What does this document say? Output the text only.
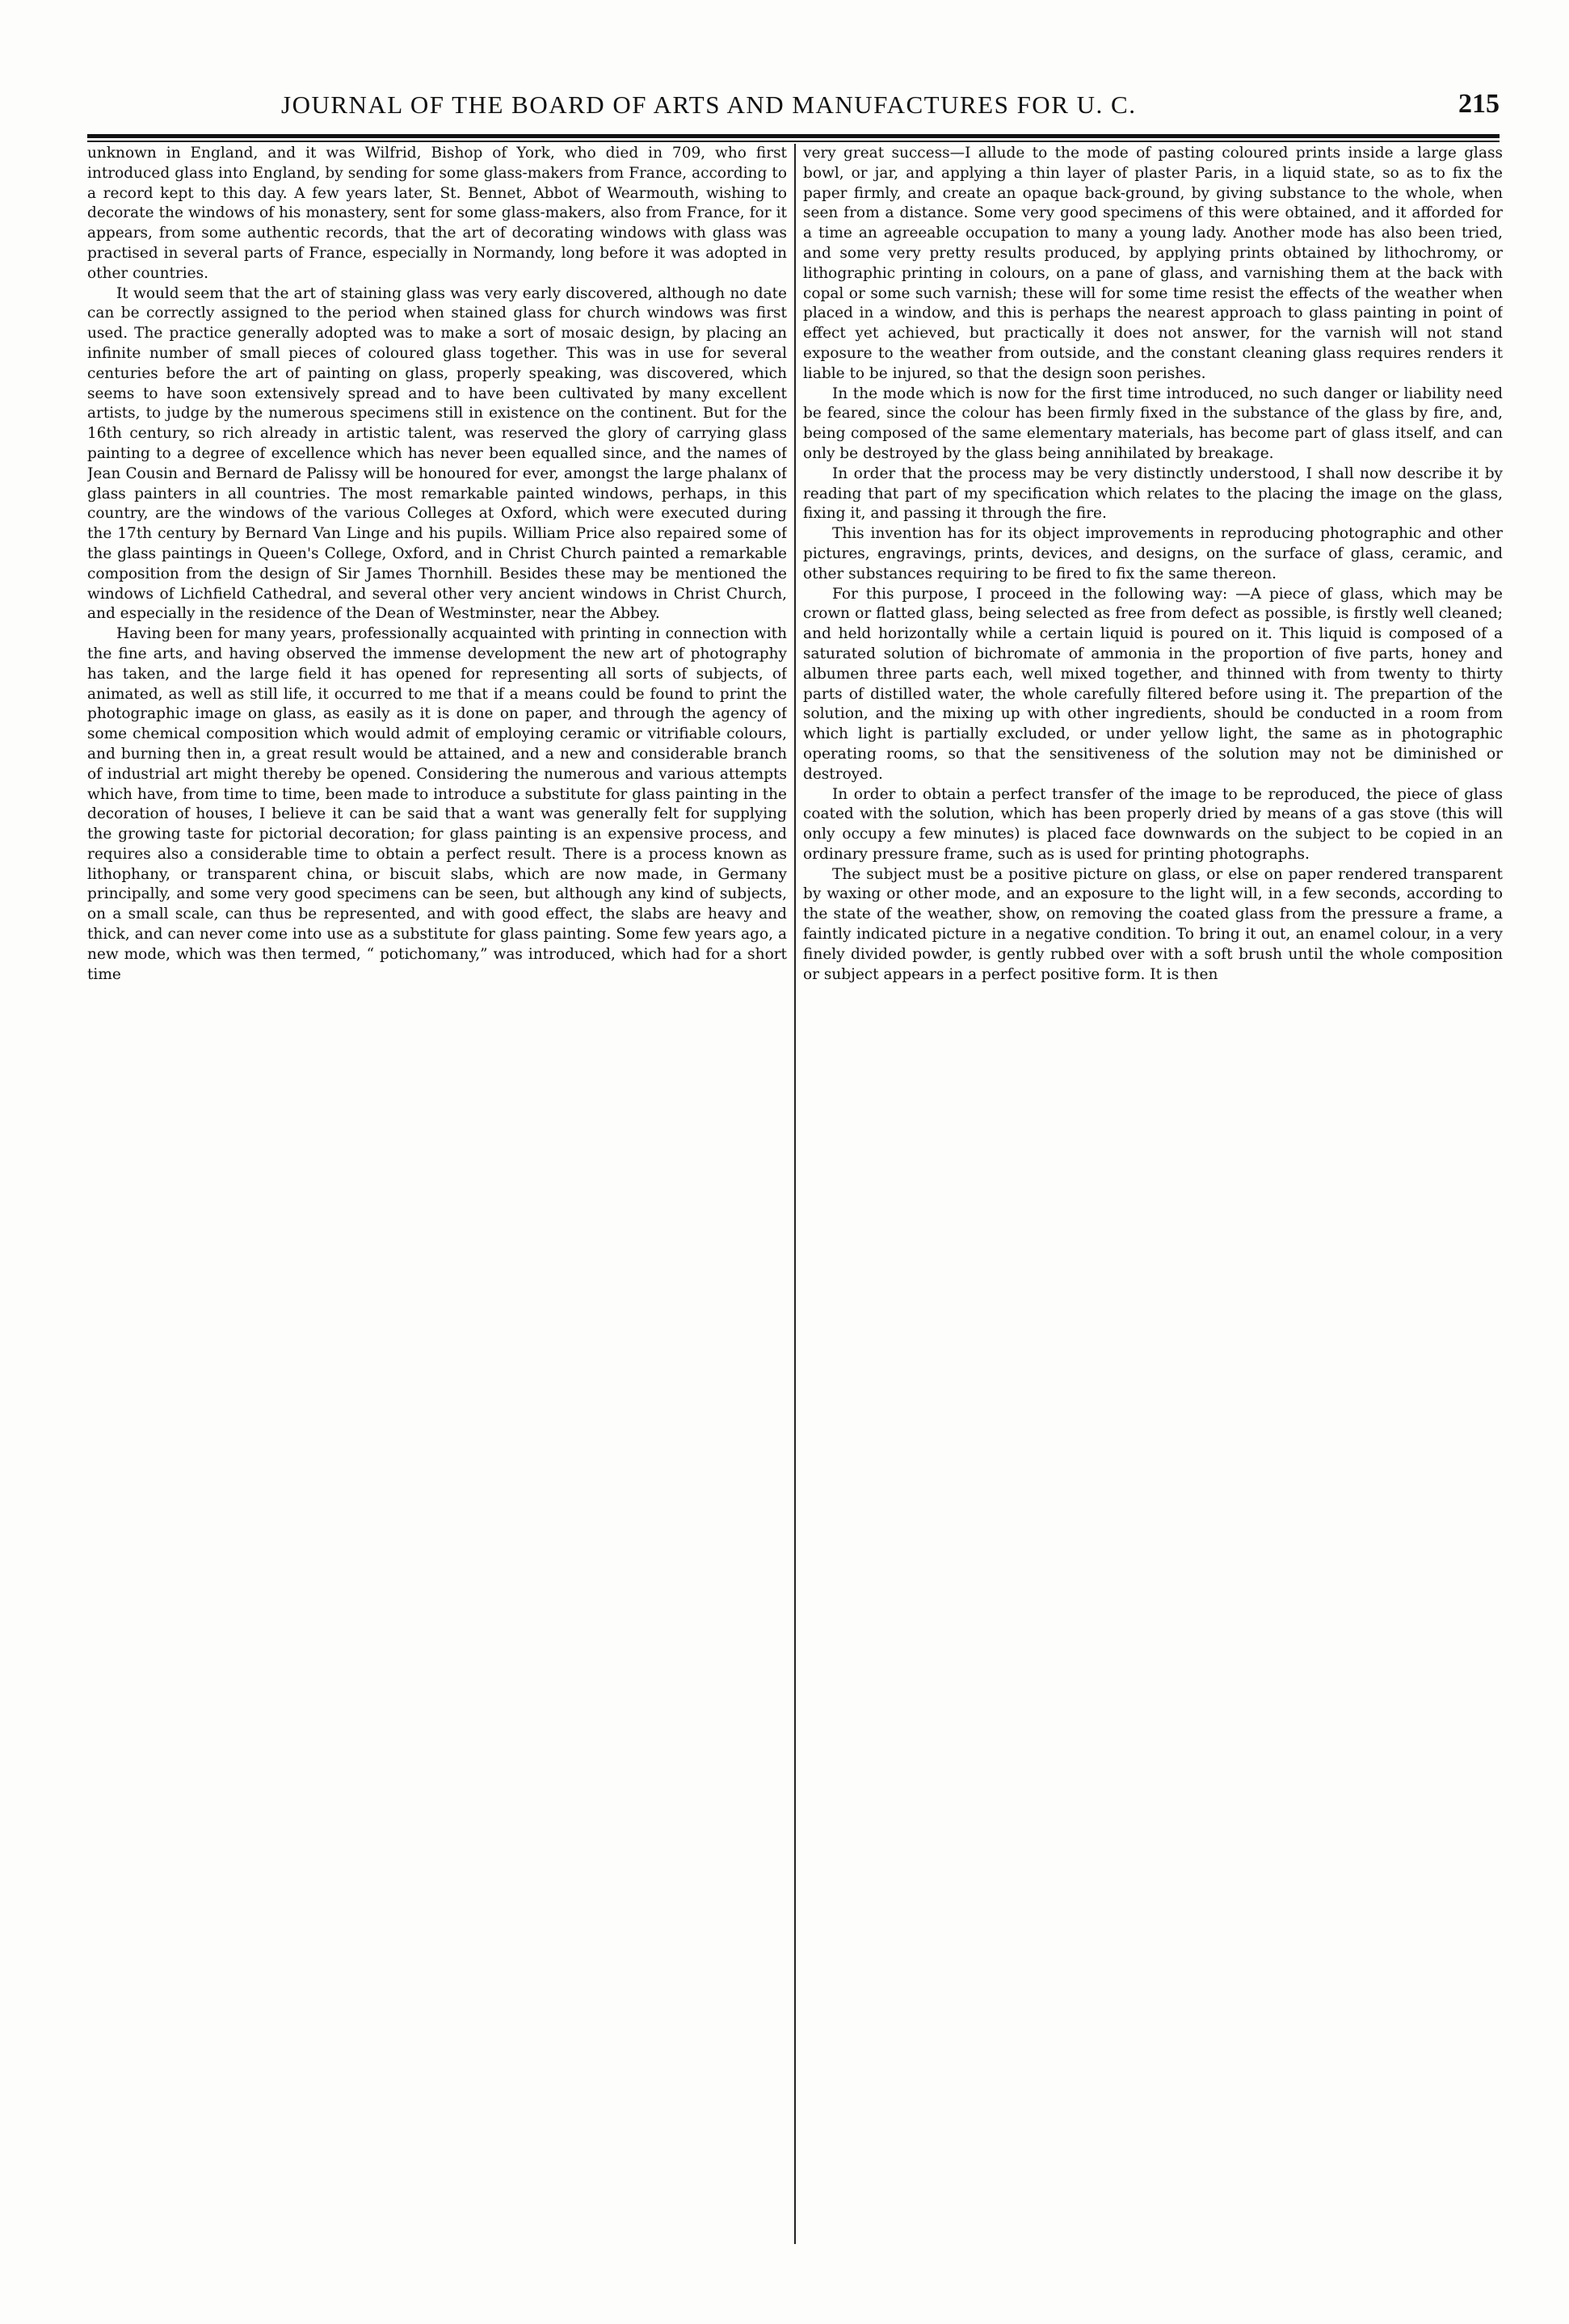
JOURNAL OF THE BOARD OF ARTS AND MANUFACTURES FOR U. C.	215

unknown in England, and it was Wilfrid, Bishop of York, who died in 709, who first introduced glass into England, by sending for some glass-makers from France, according to a record kept to this day. A few years later, St. Bennet, Abbot of Wearmouth, wishing to decorate the windows of his monastery, sent for some glass-makers, also from France, for it appears, from some authentic records, that the art of decorating windows with glass was practised in several parts of France, especially in Normandy, long before it was adopted in other countries.

It would seem that the art of staining glass was very early discovered, although no date can be correctly assigned to the period when stained glass for church windows was first used. The practice generally adopted was to make a sort of mosaic design, by placing an infinite number of small pieces of coloured glass together. This was in use for several centuries before the art of painting on glass, properly speaking, was discovered, which seems to have soon extensively spread and to have been cultivated by many excellent artists, to judge by the numerous specimens still in existence on the continent. But for the 16th century, so rich already in artistic talent, was reserved the glory of carrying glass painting to a degree of excellence which has never been equalled since, and the names of Jean Cousin and Bernard de Palissy will be honoured for ever, amongst the large phalanx of glass painters in all countries. The most remarkable painted windows, perhaps, in this country, are the windows of the various Colleges at Oxford, which were executed during the 17th century by Bernard Van Linge and his pupils. William Price also repaired some of the glass paintings in Queen's College, Oxford, and in Christ Church painted a remarkable composition from the design of Sir James Thornhill. Besides these may be mentioned the windows of Lichfield Cathedral, and several other very ancient windows in Christ Church, and especially in the residence of the Dean of Westminster, near the Abbey.

Having been for many years, professionally acquainted with printing in connection with the fine arts, and having observed the immense development the new art of photography has taken, and the large field it has opened for representing all sorts of subjects, of animated, as well as still life, it occurred to me that if a means could be found to print the photographic image on glass, as easily as it is done on paper, and through the agency of some chemical composition which would admit of employing ceramic or vitrifiable colours, and burning then in, a great result would be attained, and a new and considerable branch of industrial art might thereby be opened. Considering the numerous and various attempts which have, from time to time, been made to introduce a substitute for glass painting in the decoration of houses, I believe it can be said that a want was generally felt for supplying the growing taste for pictorial decoration; for glass painting is an expensive process, and requires also a considerable time to obtain a perfect result. There is a process known as lithophany, or transparent china, or biscuit slabs, which are now made, in Germany principally, and some very good specimens can be seen, but although any kind of subjects, on a small scale, can thus be represented, and with good effect, the slabs are heavy and thick, and can never come into use as a substitute for glass painting. Some few years ago, a new mode, which was then termed, “ potichomany,” was introduced, which had for a short time

very great success—I allude to the mode of pasting coloured prints inside a large glass bowl, or jar, and applying a thin layer of plaster Paris, in a liquid state, so as to fix the paper firmly, and create an opaque back-ground, by giving substance to the whole, when seen from a distance. Some very good specimens of this were obtained, and it afforded for a time an agreeable occupation to many a young lady. Another mode has also been tried, and some very pretty results produced, by applying prints obtained by lithochromy, or lithographic printing in colours, on a pane of glass, and varnishing them at the back with copal or some such varnish; these will for some time resist the effects of the weather when placed in a window, and this is perhaps the nearest approach to glass painting in point of effect yet achieved, but practically it does not answer, for the varnish will not stand exposure to the weather from outside, and the constant cleaning glass requires renders it liable to be injured, so that the design soon perishes.

In the mode which is now for the first time introduced, no such danger or liability need be feared, since the colour has been firmly fixed in the substance of the glass by fire, and, being composed of the same elementary materials, has become part of glass itself, and can only be destroyed by the glass being annihilated by breakage.

In order that the process may be very distinctly understood, I shall now describe it by reading that part of my specification which relates to the placing the image on the glass, fixing it, and passing it through the fire.

This invention has for its object improvements in reproducing photographic and other pictures, engravings, prints, devices, and designs, on the surface of glass, ceramic, and other substances requiring to be fired to fix the same thereon.

For this purpose, I proceed in the following way: —A piece of glass, which may be crown or flatted glass, being selected as free from defect as possible, is firstly well cleaned; and held horizontally while a certain liquid is poured on it. This liquid is composed of a saturated solution of bichromate of ammonia in the proportion of five parts, honey and albumen three parts each, well mixed together, and thinned with from twenty to thirty parts of distilled water, the whole carefully filtered before using it. The prepartion of the solution, and the mixing up with other ingredients, should be conducted in a room from which light is partially excluded, or under yellow light, the same as in photographic operating rooms, so that the sensitiveness of the solution may not be diminished or destroyed.

In order to obtain a perfect transfer of the image to be reproduced, the piece of glass coated with the solution, which has been properly dried by means of a gas stove (this will only occupy a few minutes) is placed face downwards on the subject to be copied in an ordinary pressure frame, such as is used for printing photographs.

The subject must be a positive picture on glass, or else on paper rendered transparent by waxing or other mode, and an exposure to the light will, in a few seconds, according to the state of the weather, show, on removing the coated glass from the pressure a frame, a faintly indicated picture in a negative condition. To bring it out, an enamel colour, in a very finely divided powder, is gently rubbed over with a soft brush until the whole composition or subject appears in a perfect positive form. It is then
